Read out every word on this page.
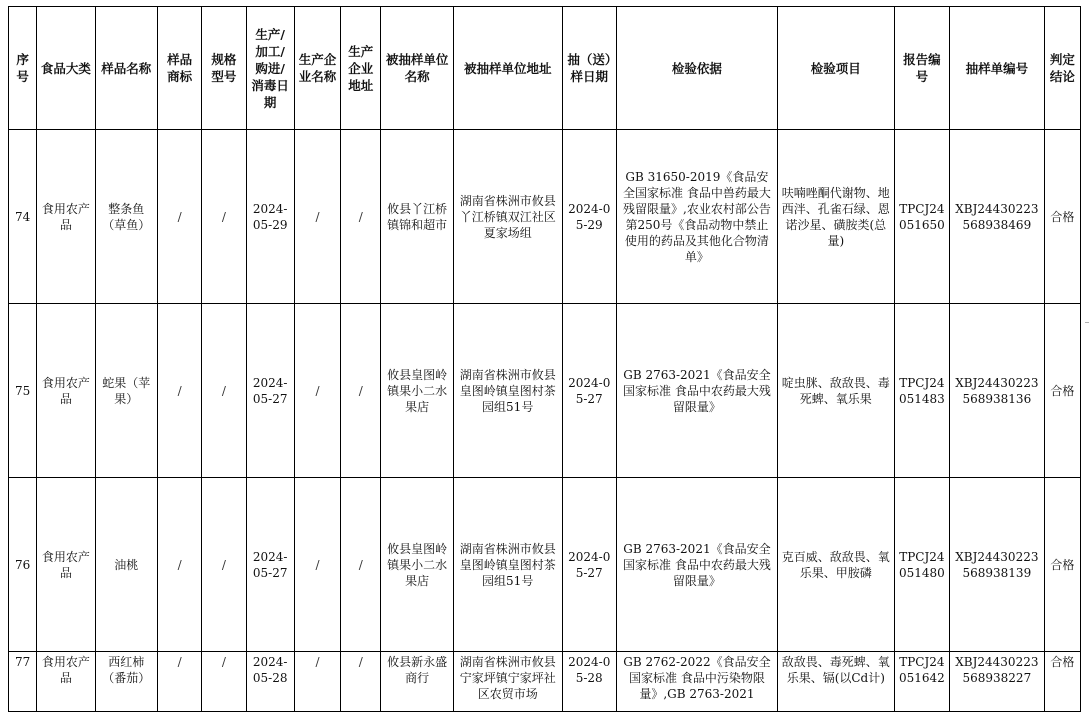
序号	食品大类	样品名称	样品商标	规格型号	生产/加工/购进/消毒日期	生产企业名称	生产企业地址	被抽样单位名称	被抽样单位地址	抽（送）样日期	检验依据	检验项目	报告编号	抽样单编号	判定结论
74	食用农产品	整条鱼（草鱼）	/	/	2024-05-29	/	/	攸县丫江桥镇锦和超市	湖南省株洲市攸县丫江桥镇双江社区夏家场组	2024-05-29	GB 31650-2019《食品安全国家标准 食品中兽药最大残留限量》,农业农村部公告 第250号《食品动物中禁止使用的药品及其他化合物清单》	呋喃唑酮代谢物、地西泮、孔雀石绿、恩诺沙星、磺胺类(总量)	TPCJ24051650	XBJ24430223568938469	合格
75	食用农产品	蛇果（苹果）	/	/	2024-05-27	/	/	攸县皇图岭镇果小二水果店	湖南省株洲市攸县皇图岭镇皇图村茶园组51号	2024-05-27	GB 2763-2021《食品安全国家标准 食品中农药最大残留限量》	啶虫脒、敌敌畏、毒死蜱、氧乐果	TPCJ24051483	XBJ24430223568938136	合格
76	食用农产品	油桃	/	/	2024-05-27	/	/	攸县皇图岭镇果小二水果店	湖南省株洲市攸县皇图岭镇皇图村茶园组51号	2024-05-27	GB 2763-2021《食品安全国家标准 食品中农药最大残留限量》	克百威、敌敌畏、氧乐果、甲胺磷	TPCJ24051480	XBJ24430223568938139	合格
77	食用农产品	西红柿（番茄）	/	/	2024-05-28	/	/	攸县新永盛商行	湖南省株洲市攸县宁家坪镇宁家坪社区农贸市场	2024-05-28	GB 2762-2022《食品安全国家标准 食品中污染物限量》,GB 2763-2021	敌敌畏、毒死蜱、氧乐果、镉(以Cd计)	TPCJ24051642	XBJ24430223568938227	合格
